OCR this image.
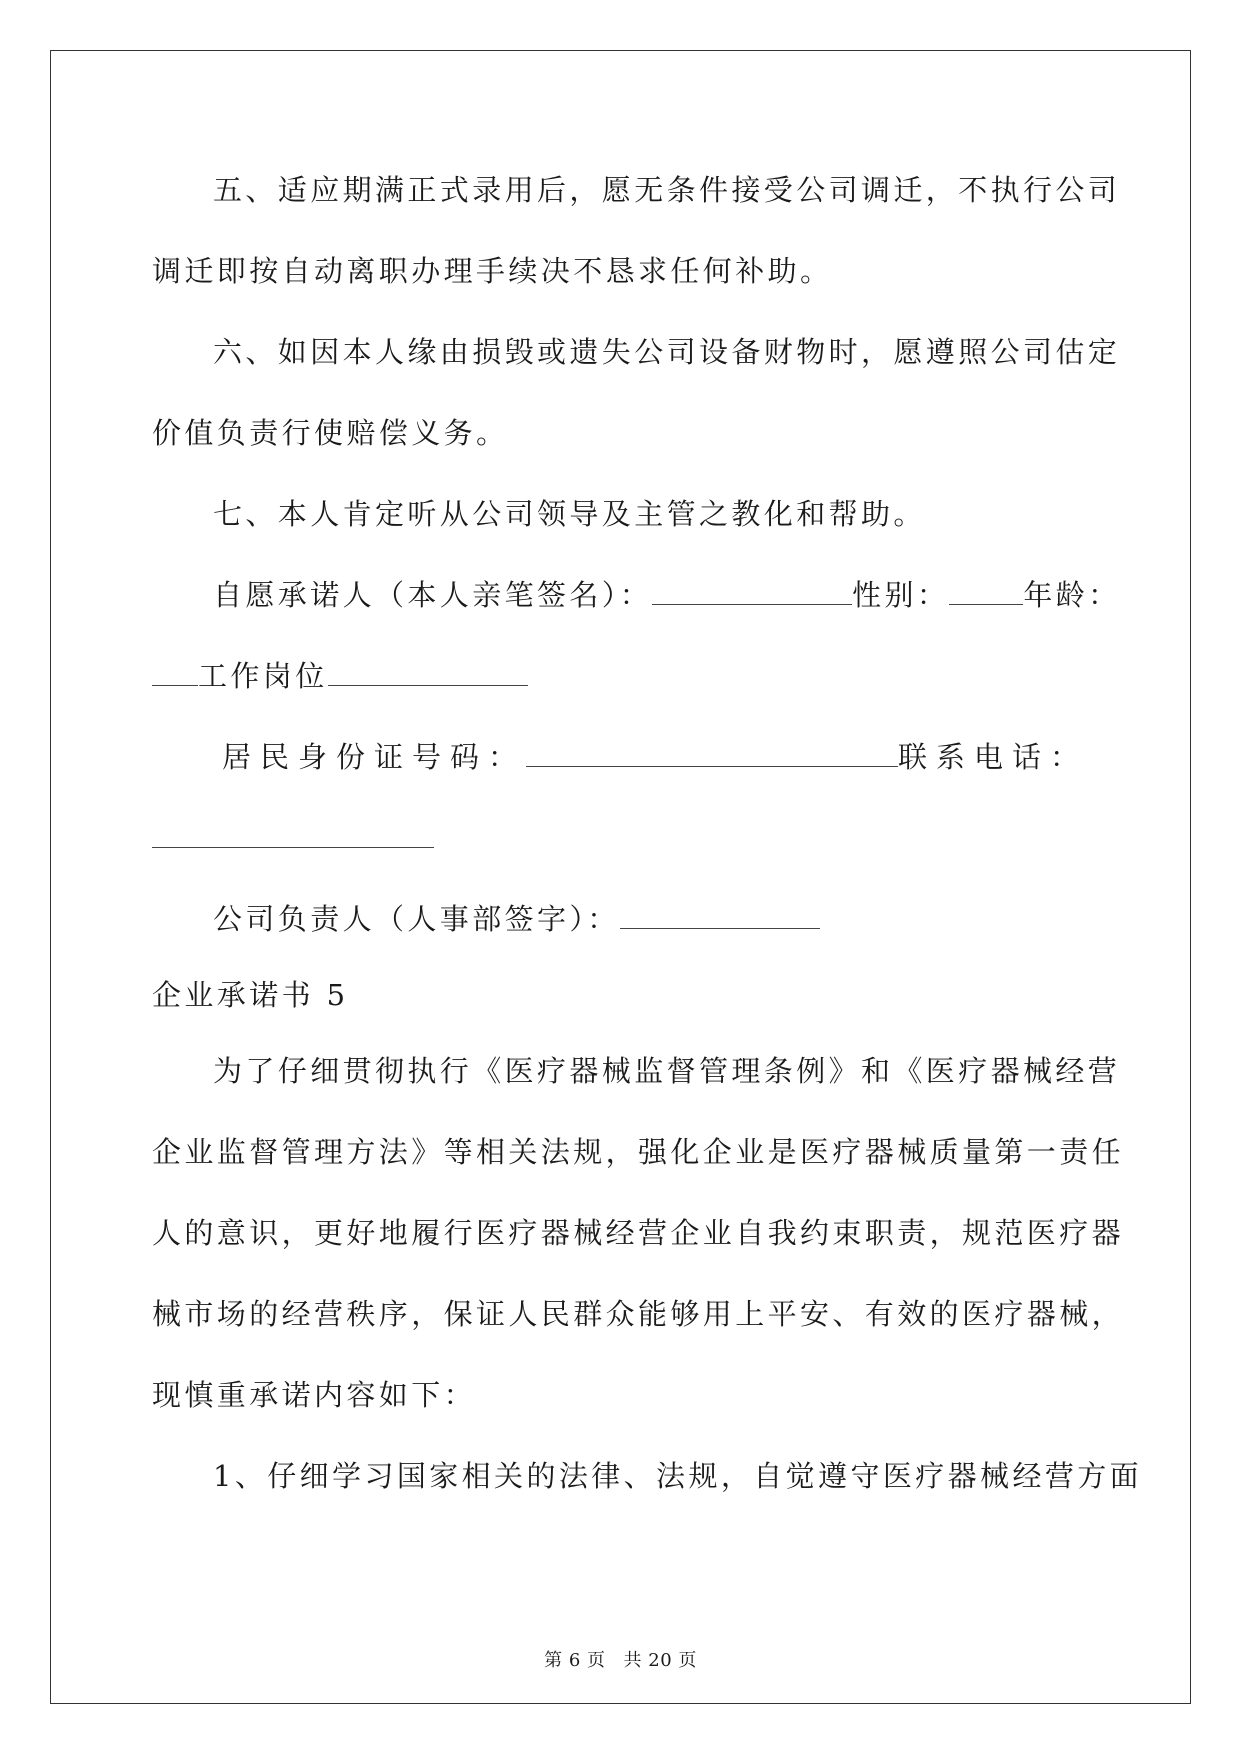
五、适应期满正式录用后，愿无条件接受公司调迁，不执行公司
调迁即按自动离职办理手续决不恳求任何补助。
六、如因本人缘由损毁或遗失公司设备财物时，愿遵照公司估定
价值负责行使赔偿义务。
七、本人肯定听从公司领导及主管之教化和帮助。
自愿承诺人（本人亲笔签名）：	性别：	年龄：
工作岗位
居民身份证号码：	联系电话：
公司负责人（人事部签字）：
企业承诺书 5
为了仔细贯彻执行《医疗器械监督管理条例》和《医疗器械经营
企业监督管理方法》等相关法规，强化企业是医疗器械质量第一责任
人的意识，更好地履行医疗器械经营企业自我约束职责，规范医疗器
械市场的经营秩序，保证人民群众能够用上平安、有效的医疗器械，
现慎重承诺内容如下：
1、仔细学习国家相关的法律、法规，自觉遵守医疗器械经营方面
第 6 页 共 20 页
